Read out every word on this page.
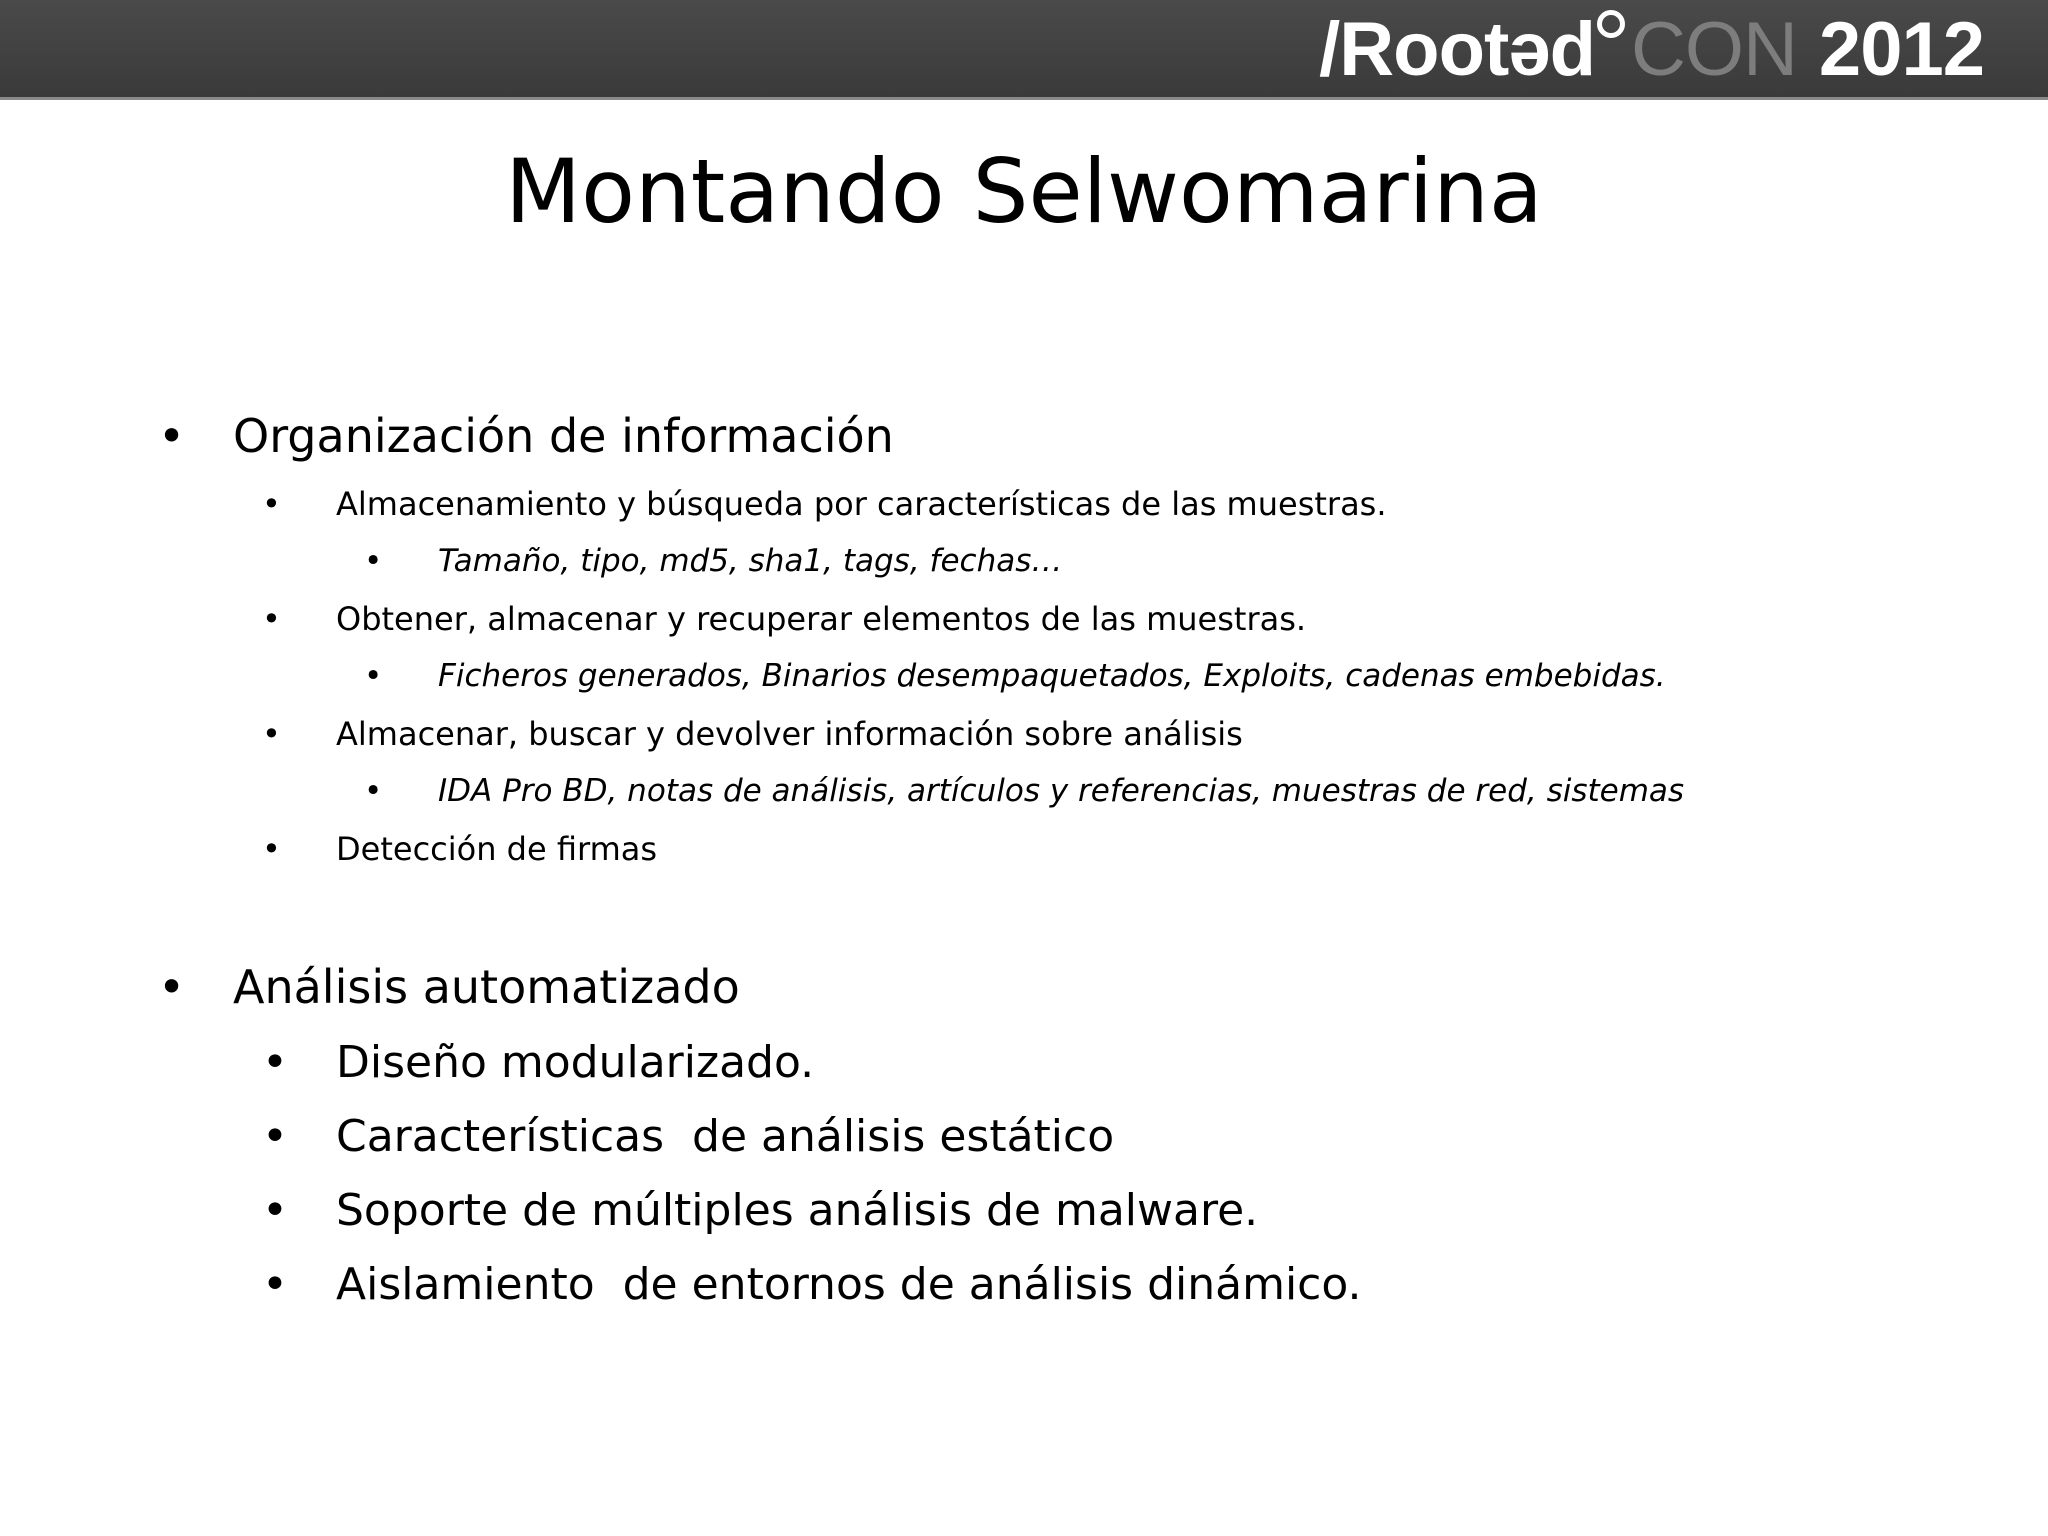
/Rootəd CON 2012
Montando Selwomarina
•	Organización de información
•	Almacenamiento y búsqueda por características de las muestras.
•	Tamaño, tipo, md5, sha1, tags, fechas…
•	Obtener, almacenar y recuperar elementos de las muestras.
•	Ficheros generados, Binarios desempaquetados, Exploits, cadenas embebidas.
•	Almacenar, buscar y devolver información sobre análisis
•	IDA Pro BD, notas de análisis, artículos y referencias, muestras de red, sistemas
•	Detección de firmas
•	Análisis automatizado
•	Diseño modularizado.
•	Características  de análisis estático
•	Soporte de múltiples análisis de malware.
•	Aislamiento  de entornos de análisis dinámico.
